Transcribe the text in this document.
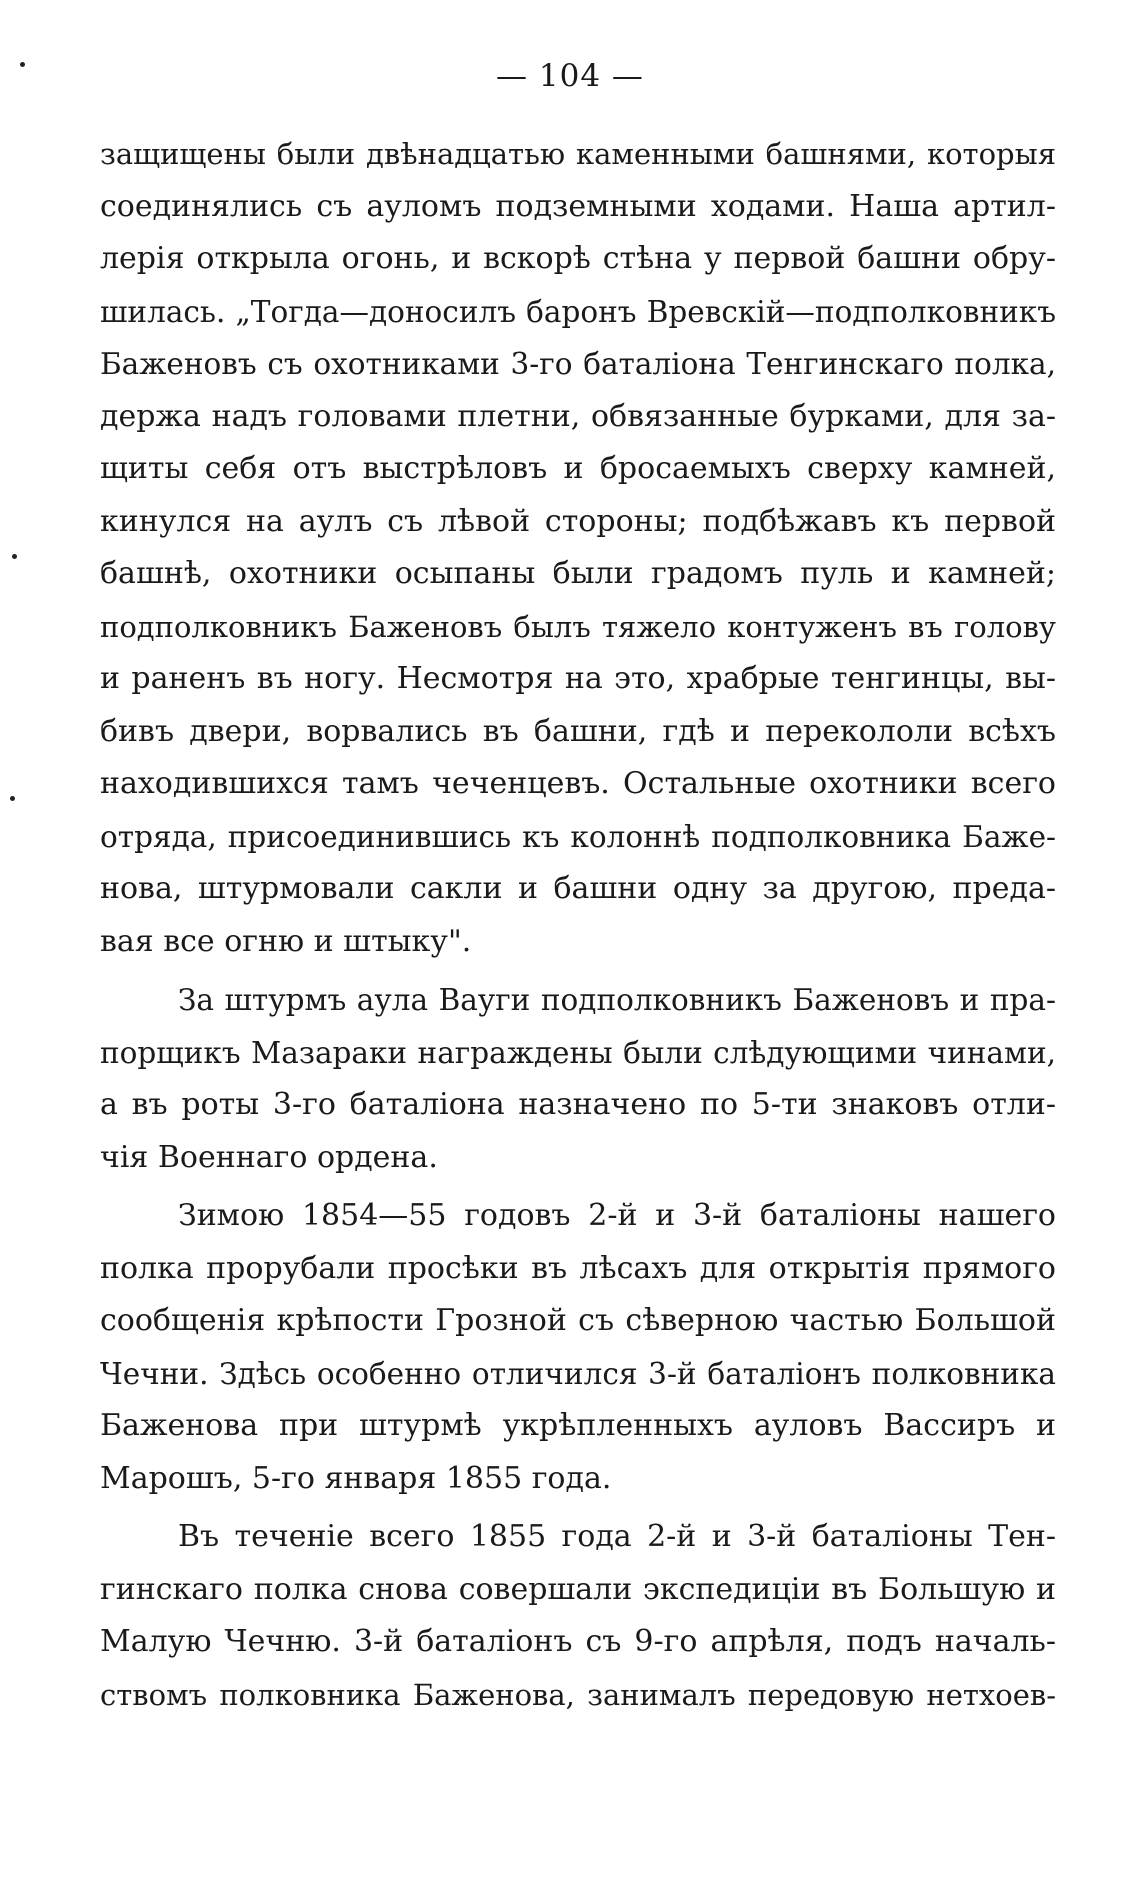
— 104 —
защищены были двѣнадцатью каменными башнями, которыя
соединялись съ ауломъ подземными ходами. Наша артил-
лерія открыла огонь, и вскорѣ стѣна у первой башни обру-
шилась. „Тогда—доносилъ баронъ Вревскій—подполковникъ
Баженовъ съ охотниками 3-го баталіона Тенгинскаго полка,
держа надъ головами плетни, обвязанные бурками, для за-
щиты себя отъ выстрѣловъ и бросаемыхъ сверху камней,
кинулся на аулъ съ лѣвой стороны; подбѣжавъ къ первой
башнѣ, охотники осыпаны были градомъ пуль и камней;
подполковникъ Баженовъ былъ тяжело контуженъ въ голову
и раненъ въ ногу. Несмотря на это, храбрые тенгинцы, вы-
бивъ двери, ворвались въ башни, гдѣ и перекололи всѣхъ
находившихся тамъ чеченцевъ. Остальные охотники всего
отряда, присоединившись къ колоннѣ подполковника Баже-
нова, штурмовали сакли и башни одну за другою, преда-
вая все огню и штыку".
За штурмъ аула Вауги подполковникъ Баженовъ и пра-
порщикъ Мазараки награждены были слѣдующими чинами,
а въ роты 3-го баталіона назначено по 5-ти знаковъ отли-
чія Военнаго ордена.
Зимою 1854—55 годовъ 2-й и 3-й баталіоны нашего
полка прорубали просѣки въ лѣсахъ для открытія прямого
сообщенія крѣпости Грозной съ сѣверною частью Большой
Чечни. Здѣсь особенно отличился 3-й баталіонъ полковника
Баженова при штурмѣ укрѣпленныхъ ауловъ Вассиръ и
Марошъ, 5-го января 1855 года.
Въ теченіе всего 1855 года 2-й и 3-й баталіоны Тен-
гинскаго полка снова совершали экспедиціи въ Большую и
Малую Чечню. 3-й баталіонъ съ 9-го апрѣля, подъ началь-
ствомъ полковника Баженова, занималъ передовую нетхоев-
